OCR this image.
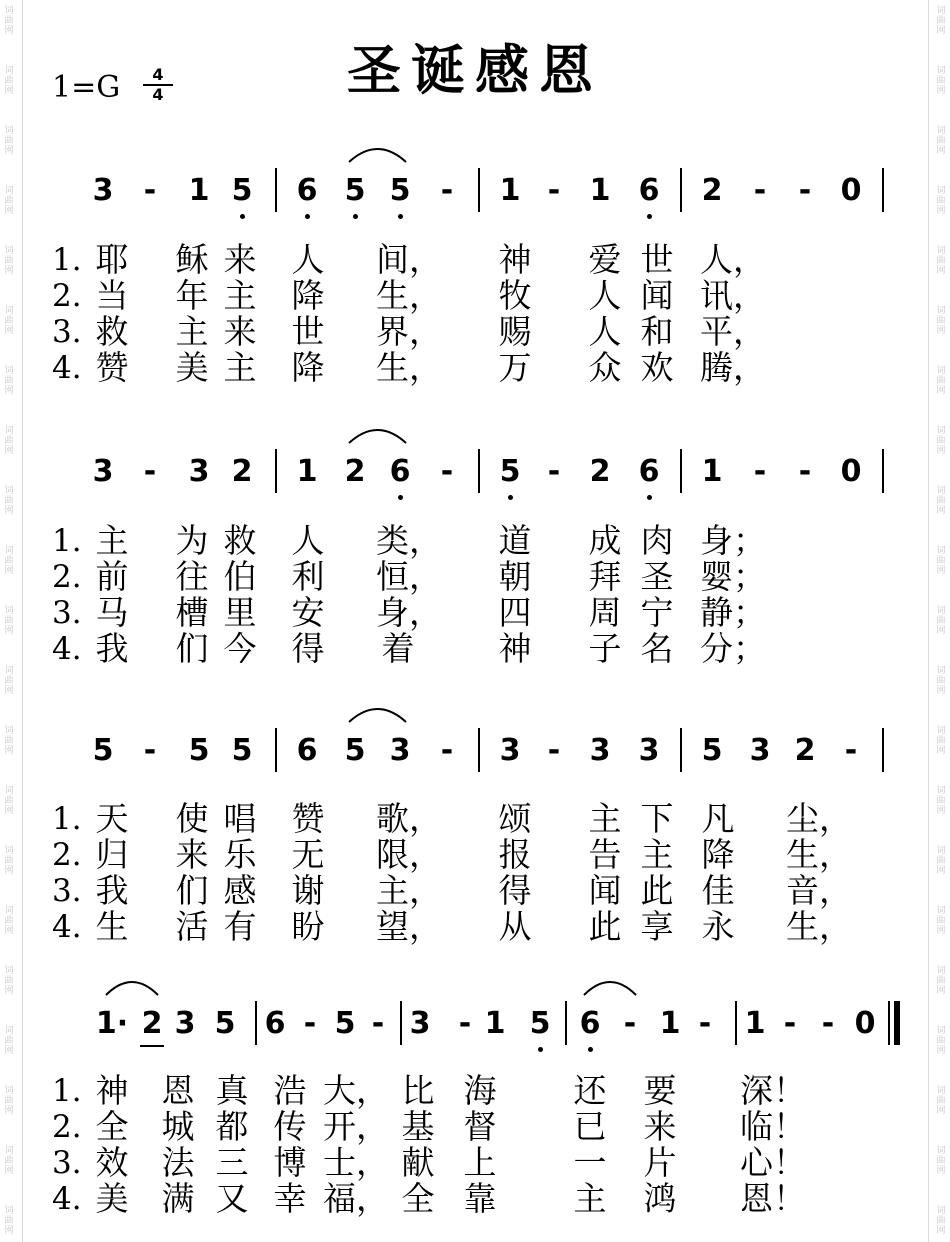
圣诞感恩
1=G	4
4
3	-	1 5 6 5 5	-	1 - 1 6 2	-	- 0
1. 耶 稣 来 人 间， 神 爱 世 人，
2. 当 年 主 降 生， 牧 人 闻 讯，
3. 救 主 来 世 界， 赐 人 和 平，
4. 赞 美 主 降 生， 万 众 欢 腾，
3	-	3 2 1 2 6	-	5 - 2 6 1	-	- 0
1. 主 为 救 人 类， 道 成 肉 身；
2. 前 往 伯 利 恒， 朝 拜 圣 婴；
3. 马 槽 里 安 身， 四 周 宁 静；
4. 我 们 今 得 着	神 子 名 分；
5	-	5 5 6 5 3	-	3 - 3 3 5 3 2 -
1. 天 使 唱 赞 歌， 颂 主 下 凡 尘，
2. 归 来 乐 无 限， 报 告 主 降 生，
3. 我 们 感 谢 主， 得 闻 此 佳 音，
4. 生 活 有 盼 望， 从 此 享 永 生，
1· 2 3 5 6 - 5 - 3 - 1 5 6 - 1 -	1 - - 0
1. 神 恩 真 浩 大， 比 海 还 要 深！
2. 全 城 都 传 开， 基 督 已 来 临！
3. 效 法 三 博 士， 献 上 一 片 心！
4. 美 满 又 幸 福， 全 靠 主 鸿 恩！
词曲网
词曲网
词曲网
词曲网
词曲网
词曲网
词曲网
词曲网
词曲网
词曲网
词曲网
词曲网
词曲网
词曲网
词曲网
词曲网
词曲网
词曲网
词曲网
词曲网
词曲网
词曲网
词曲网
词曲网
词曲网
词曲网
词曲网
词曲网
词曲网
词曲网
词曲网
词曲网
词曲网
词曲网
词曲网
词曲网
词曲网
词曲网
词曲网
词曲网
词曲网
词曲网
